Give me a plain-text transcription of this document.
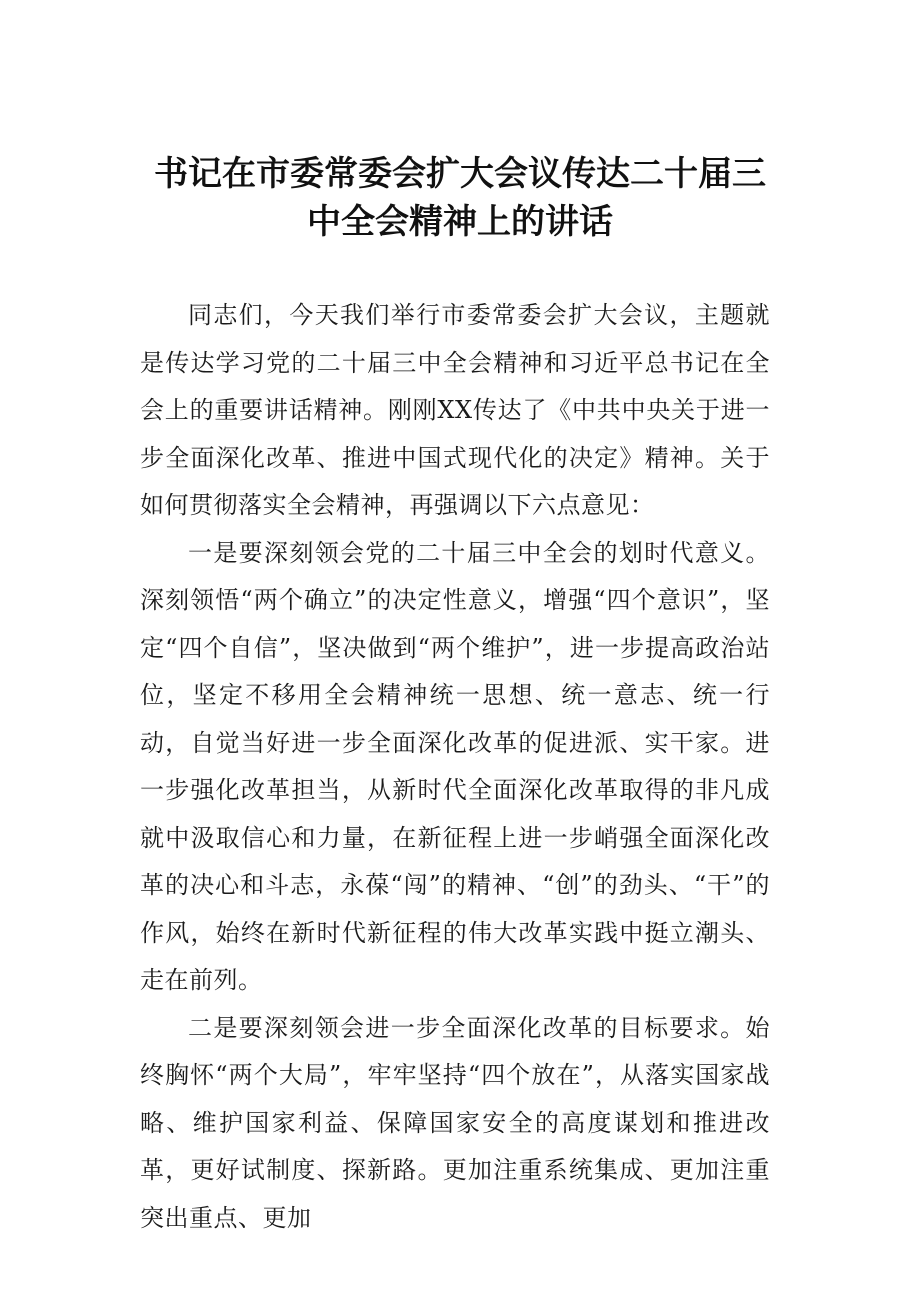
书记在市委常委会扩大会议传达二十届三
中全会精神上的讲话

同志们，今天我们举行市委常委会扩大会议，主题就是传达学习党的二十届三中全会精神和习近平总书记在全会上的重要讲话精神。刚刚XX传达了《中共中央关于进一步全面深化改革、推进中国式现代化的决定》精神。关于如何贯彻落实全会精神，再强调以下六点意见：

一是要深刻领会党的二十届三中全会的划时代意义。深刻领悟“两个确立”的决定性意义，增强“四个意识”，坚定“四个自信”，坚决做到“两个维护”，进一步提高政治站位，坚定不移用全会精神统一思想、统一意志、统一行动，自觉当好进一步全面深化改革的促进派、实干家。进一步强化改革担当，从新时代全面深化改革取得的非凡成就中汲取信心和力量，在新征程上进一步峭强全面深化改革的决心和斗志，永葆“闯”的精神、“创”的劲头、“干”的作风，始终在新时代新征程的伟大改革实践中挺立潮头、走在前列。

二是要深刻领会进一步全面深化改革的目标要求。始终胸怀“两个大局”，牢牢坚持“四个放在”，从落实国家战略、维护国家利益、保障国家安全的高度谋划和推进改革，更好试制度、探新路。更加注重系统集成、更加注重突出重点、更加
